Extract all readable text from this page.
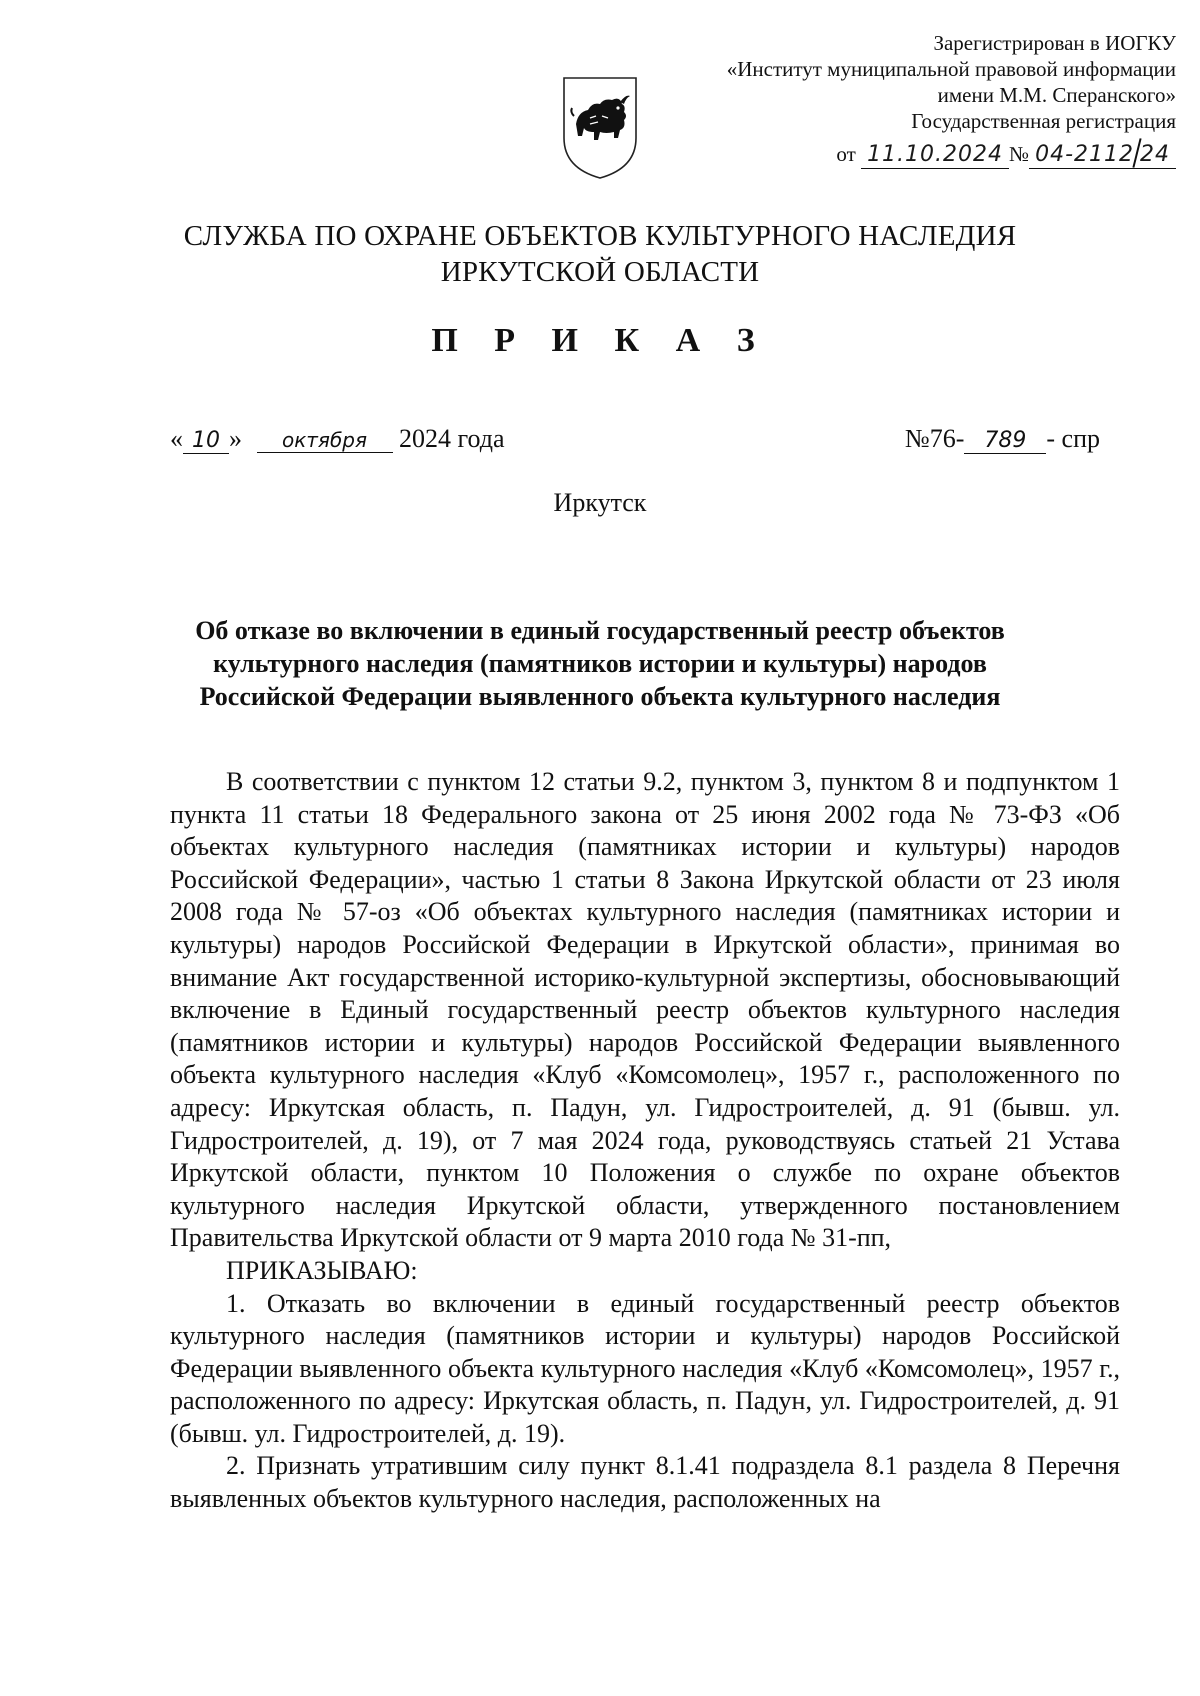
Зарегистрирован в ИОГКУ
«Институт муниципальной правовой информации
имени М.М. Сперанского»
Государственная регистрация
от 11.10.2024 № 04-2112 24
СЛУЖБА ПО ОХРАНЕ ОБЪЕКТОВ КУЛЬТУРНОГО НАСЛЕДИЯ
ИРКУТСКОЙ ОБЛАСТИ
П Р И К А З
« 10 » октября 2024 года	№76- 789 - спр
Иркутск
Об отказе во включении в единый государственный реестр объектов
культурного наследия (памятников истории и культуры) народов
Российской Федерации выявленного объекта культурного наследия

В соответствии с пунктом 12 статьи 9.2, пунктом 3, пунктом 8 и подпунктом 1 пункта 11 статьи 18 Федерального закона от 25 июня 2002 года № 73-ФЗ «Об объектах культурного наследия (памятниках истории и культуры) народов Российской Федерации», частью 1 статьи 8 Закона Иркутской области от 23 июля 2008 года № 57-оз «Об объектах культурного наследия (памятниках истории и культуры) народов Российской Федерации в Иркутской области», принимая во внимание Акт государственной историко-культурной экспертизы, обосновывающий включение в Единый государственный реестр объектов культурного наследия (памятников истории и культуры) народов Российской Федерации выявленного объекта культурного наследия «Клуб «Комсомолец», 1957 г., расположенного по адресу: Иркутская область, п. Падун, ул. Гидростроителей, д. 91 (бывш. ул. Гидростроителей, д. 19), от 7 мая 2024 года, руководствуясь статьей 21 Устава Иркутской области, пунктом 10 Положения о службе по охране объектов культурного наследия Иркутской области, утвержденного постановлением Правительства Иркутской области от 9 марта 2010 года № 31-пп,

ПРИКАЗЫВАЮ:

1. Отказать во включении в единый государственный реестр объектов культурного наследия (памятников истории и культуры) народов Российской Федерации выявленного объекта культурного наследия «Клуб «Комсомолец», 1957 г., расположенного по адресу: Иркутская область, п. Падун, ул. Гидростроителей, д. 91 (бывш. ул. Гидростроителей, д. 19).

2. Признать утратившим силу пункт 8.1.41 подраздела 8.1 раздела 8 Перечня выявленных объектов культурного наследия, расположенных на
